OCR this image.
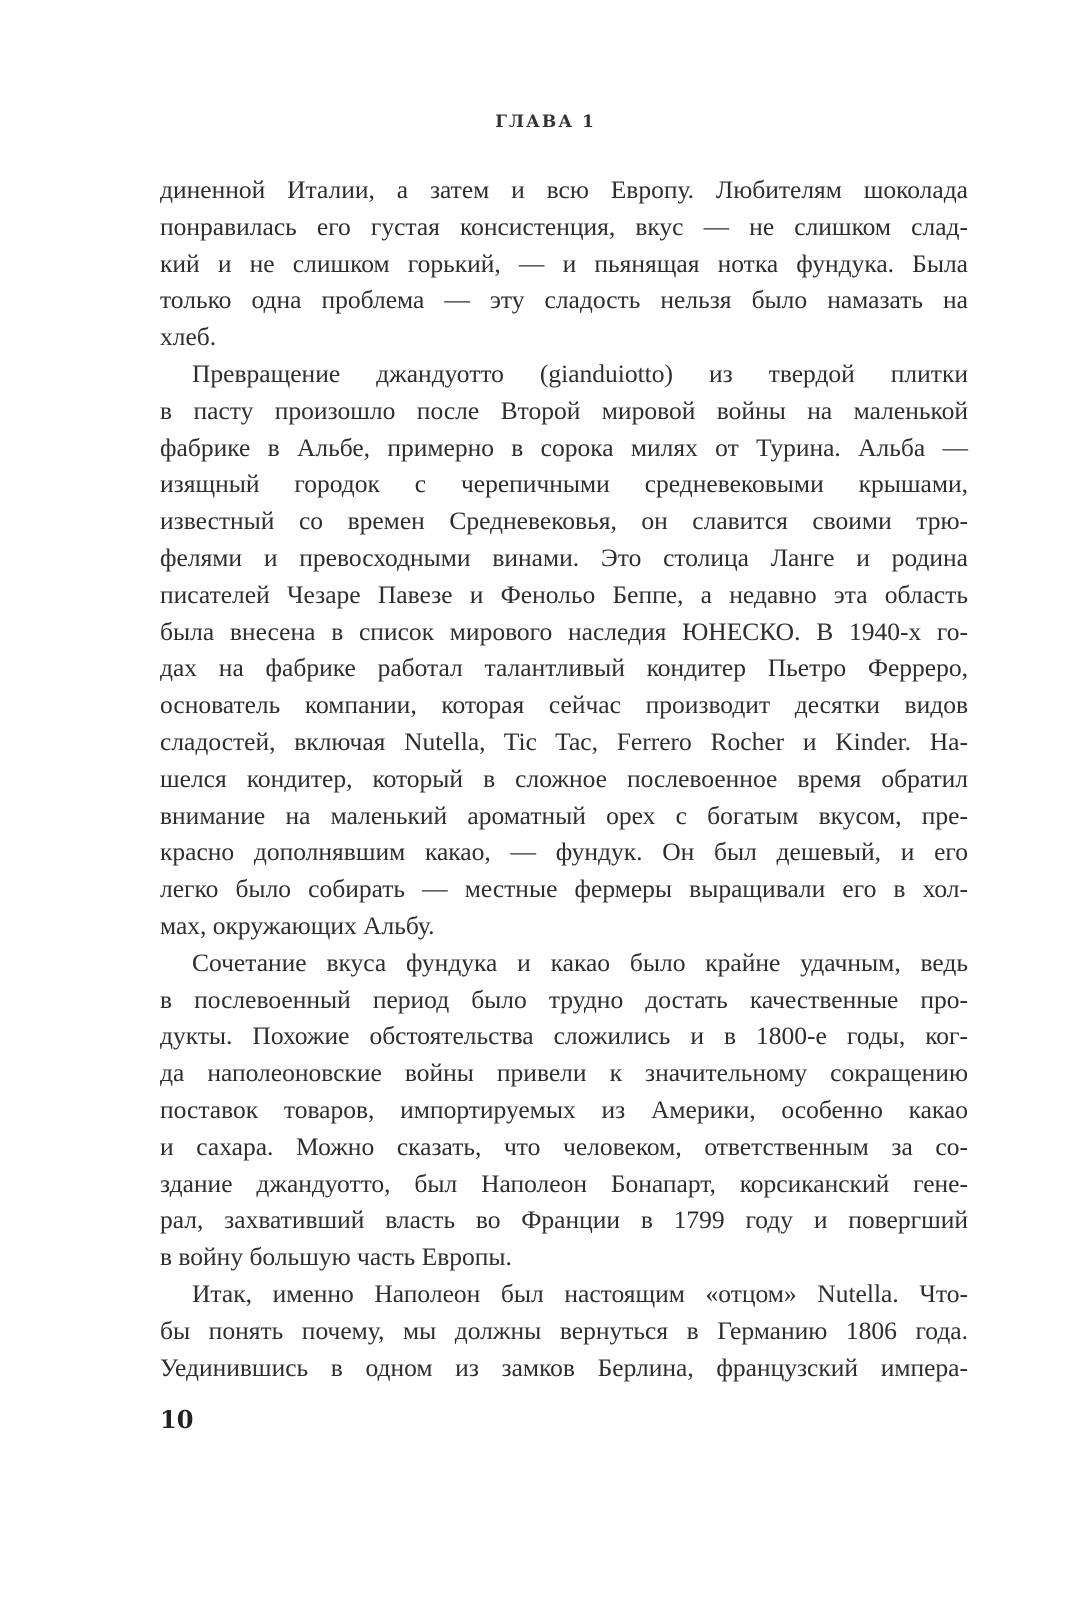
ГЛАВА 1
диненной Италии, а затем и всю Европу. Любителям шоколада
понравилась его густая консистенция, вкус — не слишком слад-
кий и не слишком горький, — и пьянящая нотка фундука. Была
только одна проблема — эту сладость нельзя было намазать на
хлеб.
Превращение джандуотто (gianduiotto) из твердой плитки
в пасту произошло после Второй мировой войны на маленькой
фабрике в Альбе, примерно в сорока милях от Турина. Альба —
изящный городок с черепичными средневековыми крышами,
известный со времен Средневековья, он славится своими трю-
фелями и превосходными винами. Это столица Ланге и родина
писателей Чезаре Павезе и Фенольо Беппе, а недавно эта область
была внесена в список мирового наследия ЮНЕСКО. В 1940-х го-
дах на фабрике работал талантливый кондитер Пьетро Ферреро,
основатель компании, которая сейчас производит десятки видов
сладостей, включая Nutella, Tic Tac, Ferrero Rocher и Kinder. На-
шелся кондитер, который в сложное послевоенное время обратил
внимание на маленький ароматный орех с богатым вкусом, пре-
красно дополнявшим какао, — фундук. Он был дешевый, и его
легко было собирать — местные фермеры выращивали его в хол-
мах, окружающих Альбу.
Сочетание вкуса фундука и какао было крайне удачным, ведь
в послевоенный период было трудно достать качественные про-
дукты. Похожие обстоятельства сложились и в 1800-е годы, ког-
да наполеоновские войны привели к значительному сокращению
поставок товаров, импортируемых из Америки, особенно какао
и сахара. Можно сказать, что человеком, ответственным за со-
здание джандуотто, был Наполеон Бонапарт, корсиканский гене-
рал, захвативший власть во Франции в 1799 году и повергший
в войну большую часть Европы.
Итак, именно Наполеон был настоящим «отцом» Nutella. Что-
бы понять почему, мы должны вернуться в Германию 1806 года.
Уединившись в одном из замков Берлина, французский импера-
10
